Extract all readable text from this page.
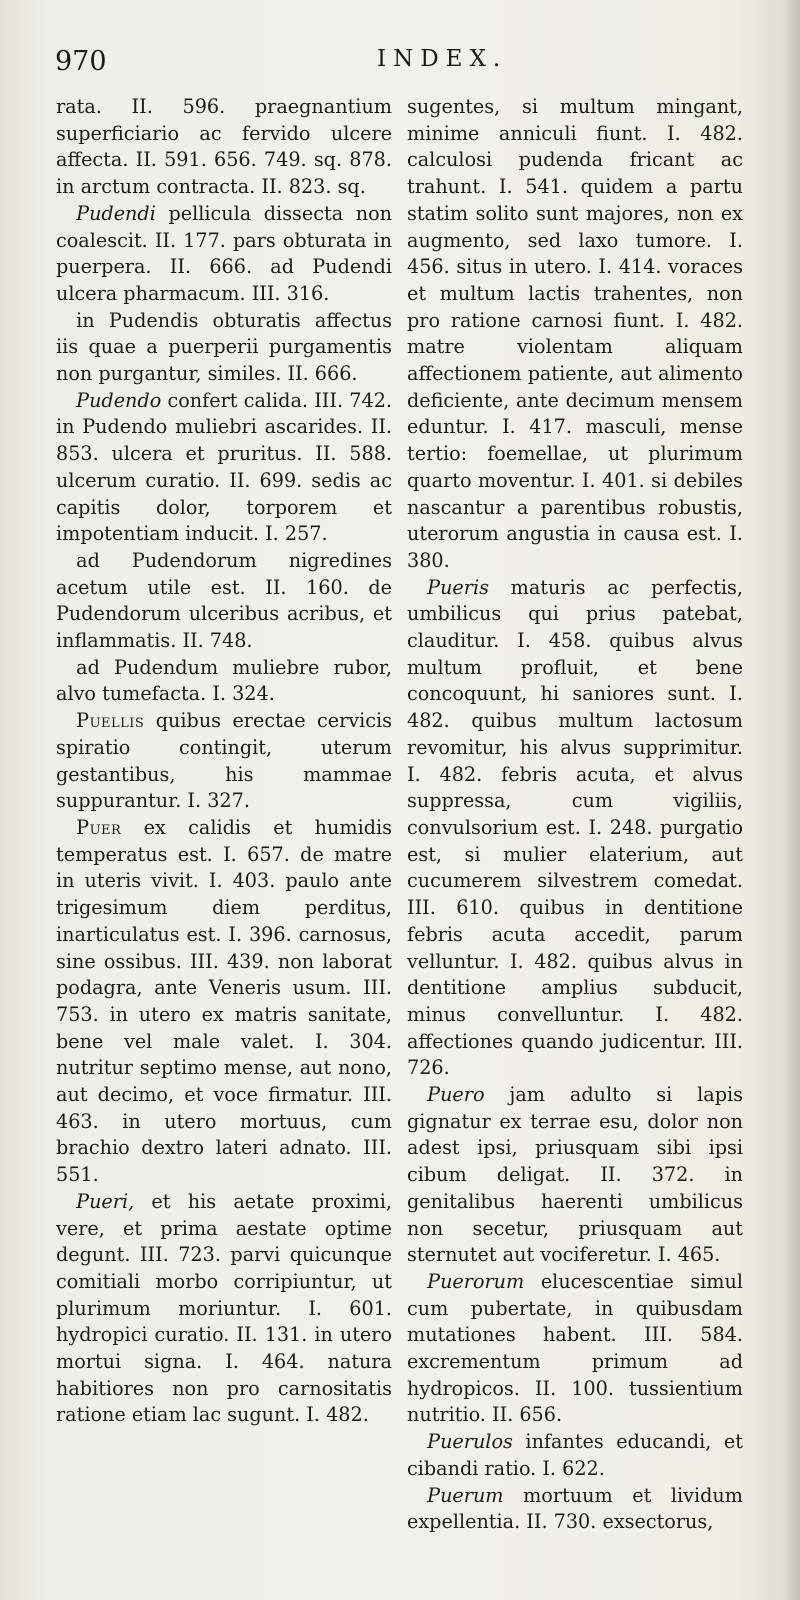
970	INDEX.

rata. II. 596. praegnantium superficiario ac fervido ulcere affecta. II. 591. 656. 749. sq. 878. in arctum contracta. II. 823. sq.

Pudendi pellicula dissecta non coalescit. II. 177. pars obturata in puerpera. II. 666. ad Pudendi ulcera pharmacum. III. 316.

in Pudendis obturatis affectus iis quae a puerperii purgamentis non purgantur, similes. II. 666.

Pudendo confert calida. III. 742. in Pudendo muliebri ascarides. II. 853. ulcera et pruritus. II. 588. ulcerum curatio. II. 699. sedis ac capitis dolor, torporem et impotentiam inducit. I. 257.

ad Pudendorum nigredines acetum utile est. II. 160. de Pudendorum ulceribus acribus, et inflammatis. II. 748.

ad Pudendum muliebre rubor, alvo tumefacta. I. 324.

Puellis quibus erectae cervicis spiratio contingit, uterum gestantibus, his mammae suppurantur. I. 327.

Puer ex calidis et humidis temperatus est. I. 657. de matre in uteris vivit. I. 403. paulo ante trigesimum diem perditus, inarticulatus est. I. 396. carnosus, sine ossibus. III. 439. non laborat podagra, ante Veneris usum. III. 753. in utero ex matris sanitate, bene vel male valet. I. 304. nutritur septimo mense, aut nono, aut decimo, et voce firmatur. III. 463. in utero mortuus, cum brachio dextro lateri adnato. III. 551.

Pueri, et his aetate proximi, vere, et prima aestate optime degunt. III. 723. parvi quicunque comitiali morbo corripiuntur, ut plurimum moriuntur. I. 601. hydropici curatio. II. 131. in utero mortui signa. I. 464. natura habitiores non pro carnositatis ratione etiam lac sugunt. I. 482.

sugentes, si multum mingant, minime anniculi fiunt. I. 482. calculosi pudenda fricant ac trahunt. I. 541. quidem a partu statim solito sunt majores, non ex augmento, sed laxo tumore. I. 456. situs in utero. I. 414. voraces et multum lactis trahentes, non pro ratione carnosi fiunt. I. 482. matre violentam aliquam affectionem patiente, aut alimento deficiente, ante decimum mensem eduntur. I. 417. masculi, mense tertio: foemellae, ut plurimum quarto moventur. I. 401. si debiles nascantur a parentibus robustis, uterorum angustia in causa est. I. 380.

Pueris maturis ac perfectis, umbilicus qui prius patebat, clauditur. I. 458. quibus alvus multum profluit, et bene concoquunt, hi saniores sunt. I. 482. quibus multum lactosum revomitur, his alvus supprimitur. I. 482. febris acuta, et alvus suppressa, cum vigiliis, convulsorium est. I. 248. purgatio est, si mulier elaterium, aut cucumerem silvestrem comedat. III. 610. quibus in dentitione febris acuta accedit, parum velluntur. I. 482. quibus alvus in dentitione amplius subducit, minus convelluntur. I. 482. affectiones quando judicentur. III. 726.

Puero jam adulto si lapis gignatur ex terrae esu, dolor non adest ipsi, priusquam sibi ipsi cibum deligat. II. 372. in genitalibus haerenti umbilicus non secetur, priusquam aut sternutet aut vociferetur. I. 465.

Puerorum elucescentiae simul cum pubertate, in quibusdam mutationes habent. III. 584. excrementum primum ad hydropicos. II. 100. tussientium nutritio. II. 656.

Puerulos infantes educandi, et cibandi ratio. I. 622.

Puerum mortuum et lividum expellentia. II. 730. exsectorus,
